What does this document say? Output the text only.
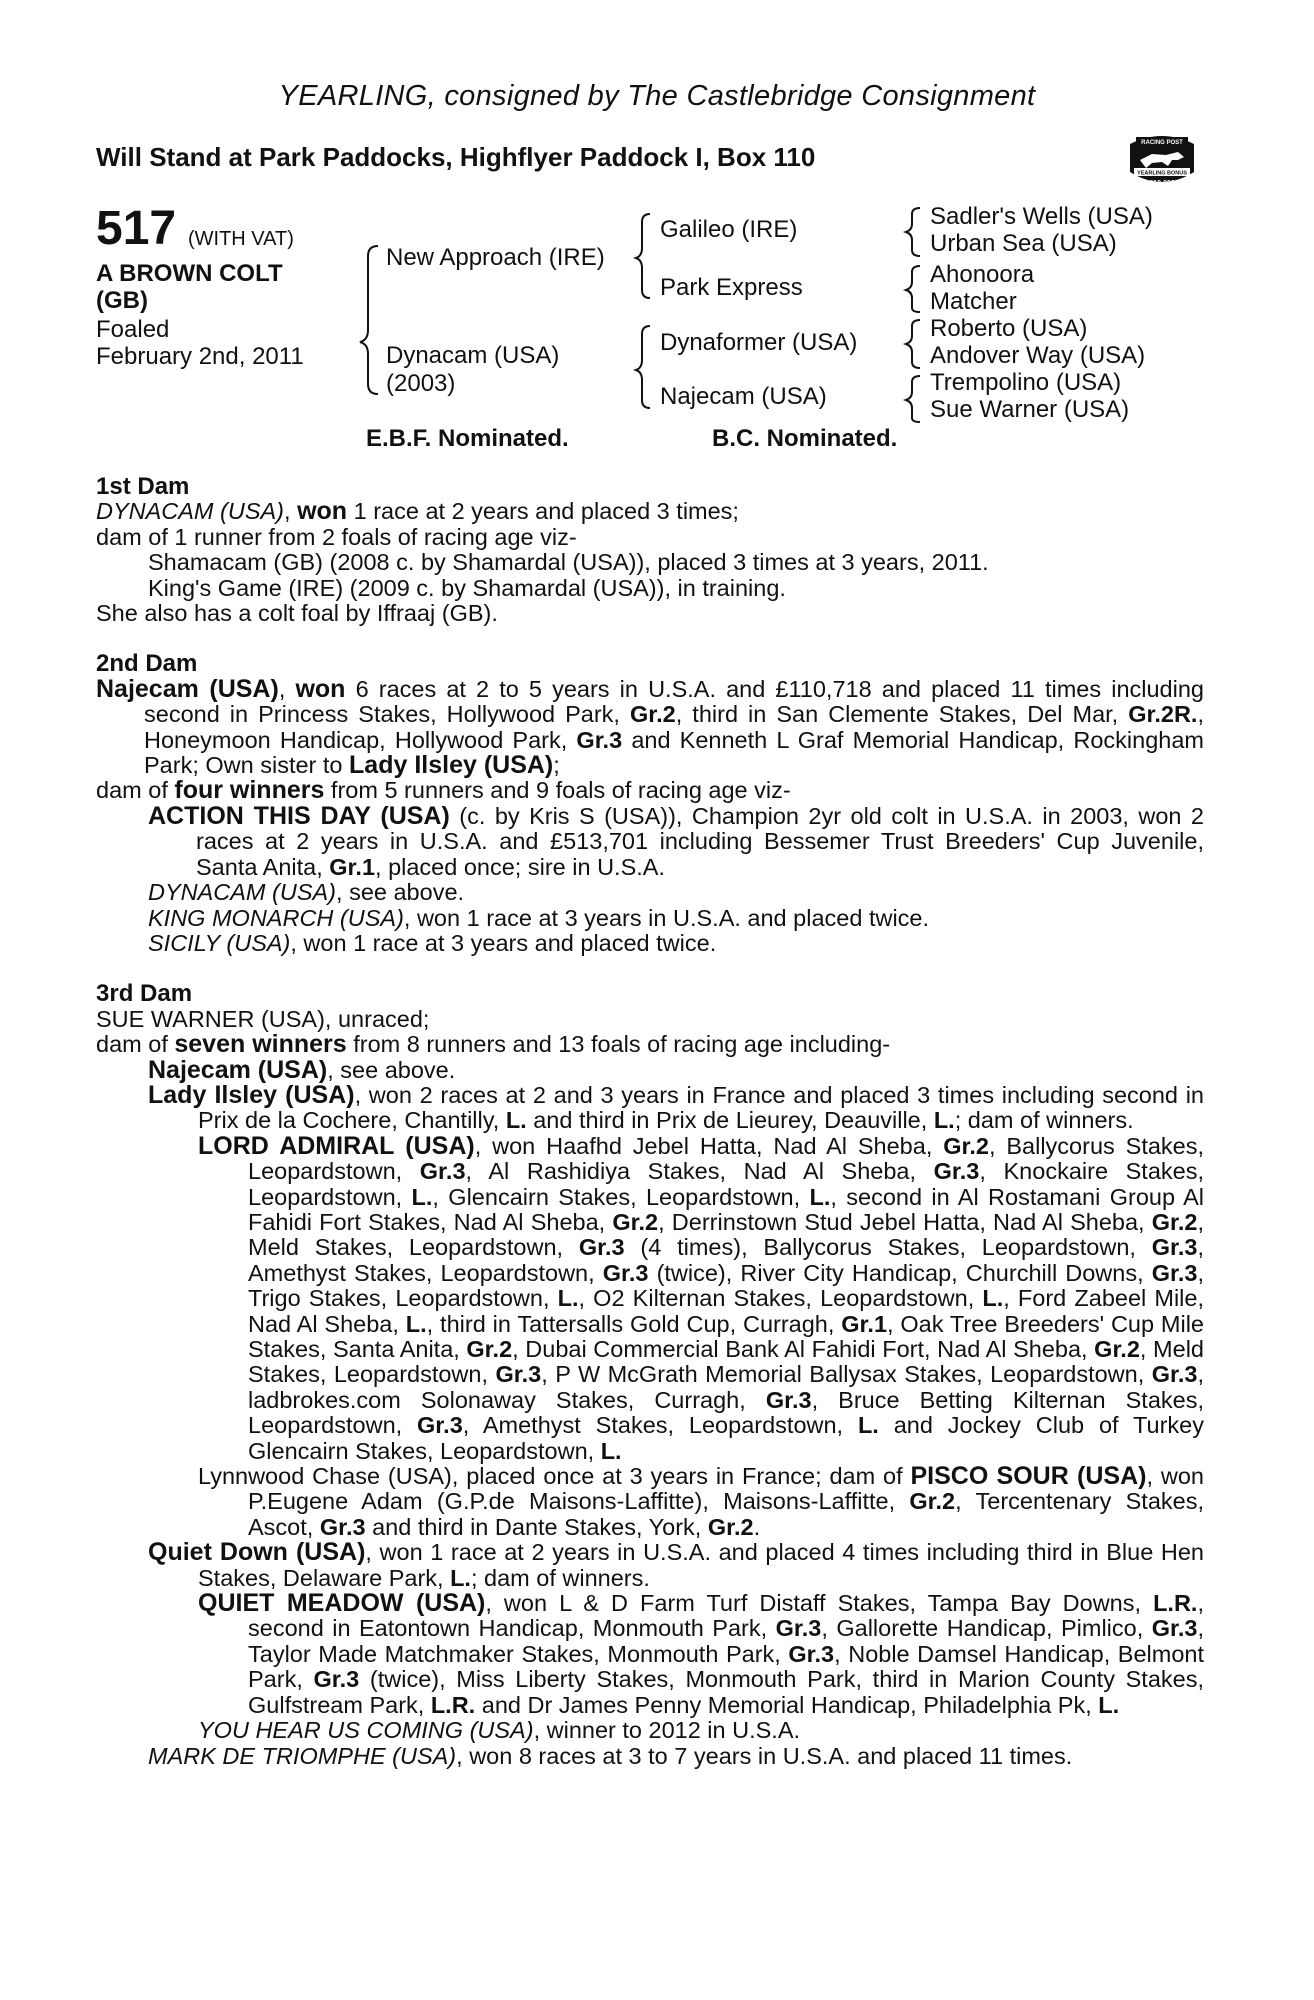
YEARLING, consigned by The Castlebridge Consignment
Will Stand at Park Paddocks, Highflyer Paddock I, Box 110	RACING POST
YEARLING BONUS
£10,000
517 (WITH VAT)
A BROWN COLT
(GB)
Foaled
February 2nd, 2011
New Approach (IRE)
Dynacam (USA)
(2003)
Galileo (IRE)
Park Express
Dynaformer (USA)
Najecam (USA)
Sadler's Wells (USA)
Urban Sea (USA)
Ahonoora
Matcher
Roberto (USA)
Andover Way (USA)
Trempolino (USA)
Sue Warner (USA)
E.B.F. Nominated.	B.C. Nominated.
1st Dam

DYNACAM (USA), won 1 race at 2 years and placed 3 times;

dam of 1 runner from 2 foals of racing age viz-

Shamacam (GB) (2008 c. by Shamardal (USA)), placed 3 times at 3 years, 2011.

King's Game (IRE) (2009 c. by Shamardal (USA)), in training.

She also has a colt foal by Iffraaj (GB).

2nd Dam

Najecam (USA), won 6 races at 2 to 5 years in U.S.A. and £110,718 and placed 11 times including second in Princess Stakes, Hollywood Park, Gr.2, third in San Clemente Stakes, Del Mar, Gr.2R., Honeymoon Handicap, Hollywood Park, Gr.3 and Kenneth L Graf Memorial Handicap, Rockingham Park; Own sister to Lady Ilsley (USA);

dam of four winners from 5 runners and 9 foals of racing age viz-

ACTION THIS DAY (USA) (c. by Kris S (USA)), Champion 2yr old colt in U.S.A. in 2003, won 2 races at 2 years in U.S.A. and £513,701 including Bessemer Trust Breeders' Cup Juvenile, Santa Anita, Gr.1, placed once; sire in U.S.A.

DYNACAM (USA), see above.

KING MONARCH (USA), won 1 race at 3 years in U.S.A. and placed twice.

SICILY (USA), won 1 race at 3 years and placed twice.

3rd Dam

SUE WARNER (USA), unraced;

dam of seven winners from 8 runners and 13 foals of racing age including-

Najecam (USA), see above.

Lady Ilsley (USA), won 2 races at 2 and 3 years in France and placed 3 times including second in Prix de la Cochere, Chantilly, L. and third in Prix de Lieurey, Deauville, L.; dam of winners.

LORD ADMIRAL (USA), won Haafhd Jebel Hatta, Nad Al Sheba, Gr.2, Ballycorus Stakes, Leopardstown, Gr.3, Al Rashidiya Stakes, Nad Al Sheba, Gr.3, Knockaire Stakes, Leopardstown, L., Glencairn Stakes, Leopardstown, L., second in Al Rostamani Group Al Fahidi Fort Stakes, Nad Al Sheba, Gr.2, Derrinstown Stud Jebel Hatta, Nad Al Sheba, Gr.2, Meld Stakes, Leopardstown, Gr.3 (4 times), Ballycorus Stakes, Leopardstown, Gr.3, Amethyst Stakes, Leopardstown, Gr.3 (twice), River City Handicap, Churchill Downs, Gr.3, Trigo Stakes, Leopardstown, L., O2 Kilternan Stakes, Leopardstown, L., Ford Zabeel Mile, Nad Al Sheba, L., third in Tattersalls Gold Cup, Curragh, Gr.1, Oak Tree Breeders' Cup Mile Stakes, Santa Anita, Gr.2, Dubai Commercial Bank Al Fahidi Fort, Nad Al Sheba, Gr.2, Meld Stakes, Leopardstown, Gr.3, P W McGrath Memorial Ballysax Stakes, Leopardstown, Gr.3, ladbrokes.com Solonaway Stakes, Curragh, Gr.3, Bruce Betting Kilternan Stakes, Leopardstown, Gr.3, Amethyst Stakes, Leopardstown, L. and Jockey Club of Turkey Glencairn Stakes, Leopardstown, L.

Lynnwood Chase (USA), placed once at 3 years in France; dam of PISCO SOUR (USA), won P.Eugene Adam (G.P.de Maisons-Laffitte), Maisons-Laffitte, Gr.2, Tercentenary Stakes, Ascot, Gr.3 and third in Dante Stakes, York, Gr.2.

Quiet Down (USA), won 1 race at 2 years in U.S.A. and placed 4 times including third in Blue Hen Stakes, Delaware Park, L.; dam of winners.

QUIET MEADOW (USA), won L & D Farm Turf Distaff Stakes, Tampa Bay Downs, L.R., second in Eatontown Handicap, Monmouth Park, Gr.3, Gallorette Handicap, Pimlico, Gr.3, Taylor Made Matchmaker Stakes, Monmouth Park, Gr.3, Noble Damsel Handicap, Belmont Park, Gr.3 (twice), Miss Liberty Stakes, Monmouth Park, third in Marion County Stakes, Gulfstream Park, L.R. and Dr James Penny Memorial Handicap, Philadelphia Pk, L.

YOU HEAR US COMING (USA), winner to 2012 in U.S.A.

MARK DE TRIOMPHE (USA), won 8 races at 3 to 7 years in U.S.A. and placed 11 times.
